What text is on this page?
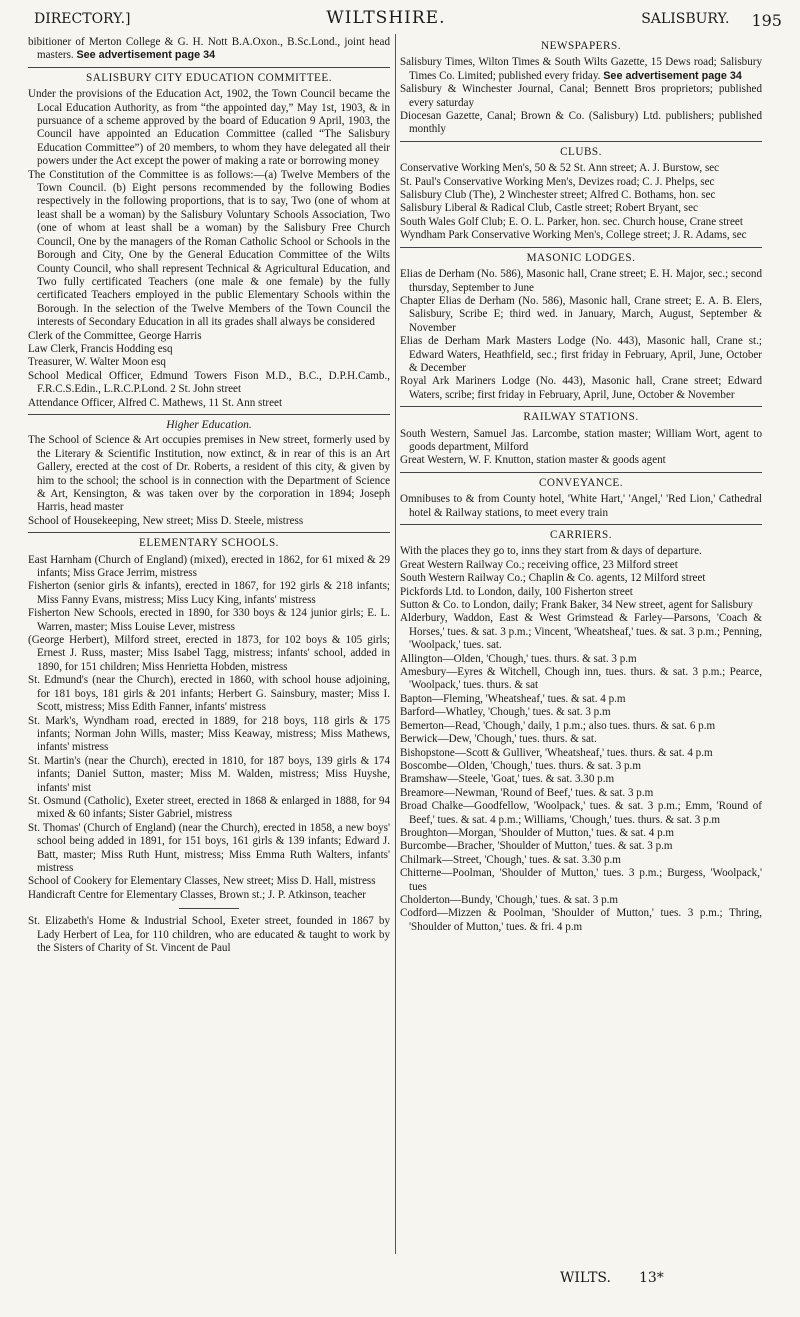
DIRECTORY.]	WILTSHIRE.	SALISBURY. 195
bibitioner of Merton College & G. H. Nott B.A.Oxon., B.Sc.Lond., joint head masters. See advertisement page 34
SALISBURY CITY EDUCATION COMMITTEE.
Under the provisions of the Education Act, 1902, the Town Council became the Local Education Authority, as from “the appointed day,” May 1st, 1903, & in pursuance of a scheme approved by the board of Education 9 April, 1903, the Council have appointed an Education Committee (called “The Salisbury Education Committee”) of 20 members, to whom they have delegated all their powers under the Act except the power of making a rate or borrowing money
The Constitution of the Committee is as follows:—(a) Twelve Members of the Town Council. (b) Eight persons recommended by the following Bodies respectively in the following proportions, that is to say, Two (one of whom at least shall be a woman) by the Salisbury Voluntary Schools Association, Two (one of whom at least shall be a woman) by the Salisbury Free Church Council, One by the managers of the Roman Catholic School or Schools in the Borough and City, One by the General Education Committee of the Wilts County Council, who shall represent Technical & Agricultural Education, and Two fully certificated Teachers (one male & one female) by the fully certificated Teachers employed in the public Elementary Schools within the Borough. In the selection of the Twelve Members of the Town Council the interests of Secondary Education in all its grades shall always be considered
Clerk of the Committee, George Harris
Law Clerk, Francis Hodding esq
Treasurer, W. Walter Moon esq
School Medical Officer, Edmund Towers Fison M.D., B.C., D.P.H.Camb., F.R.C.S.Edin., L.R.C.P.Lond. 2 St. John street
Attendance Officer, Alfred C. Mathews, 11 St. Ann street
Higher Education.
The School of Science & Art occupies premises in New street, formerly used by the Literary & Scientific Institution, now extinct, & in rear of this is an Art Gallery, erected at the cost of Dr. Roberts, a resident of this city, & given by him to the school; the school is in connection with the Department of Science & Art, Kensington, & was taken over by the corporation in 1894; Joseph Harris, head master
School of Housekeeping, New street; Miss D. Steele, mistress
ELEMENTARY SCHOOLS.
East Harnham (Church of England) (mixed), erected in 1862, for 61 mixed & 29 infants; Miss Grace Jerrim, mistress
Fisherton (senior girls & infants), erected in 1867, for 192 girls & 218 infants; Miss Fanny Evans, mistress; Miss Lucy King, infants' mistress
Fisherton New Schools, erected in 1890, for 330 boys & 124 junior girls; E. L. Warren, master; Miss Louise Lever, mistress
(George Herbert), Milford street, erected in 1873, for 102 boys & 105 girls; Ernest J. Russ, master; Miss Isabel Tagg, mistress; infants' school, added in 1890, for 151 children; Miss Henrietta Hobden, mistress
St. Edmund's (near the Church), erected in 1860, with school house adjoining, for 181 boys, 181 girls & 201 infants; Herbert G. Sainsbury, master; Miss I. Scott, mistress; Miss Edith Fanner, infants' mistress
St. Mark's, Wyndham road, erected in 1889, for 218 boys, 118 girls & 175 infants; Norman John Wills, master; Miss Keaway, mistress; Miss Mathews, infants' mistress
St. Martin's (near the Church), erected in 1810, for 187 boys, 139 girls & 174 infants; Daniel Sutton, master; Miss M. Walden, mistress; Miss Huyshe, infants' mist
St. Osmund (Catholic), Exeter street, erected in 1868 & enlarged in 1888, for 94 mixed & 60 infants; Sister Gabriel, mistress
St. Thomas' (Church of England) (near the Church), erected in 1858, a new boys' school being added in 1891, for 151 boys, 161 girls & 139 infants; Edward J. Batt, master; Miss Ruth Hunt, mistress; Miss Emma Ruth Walters, infants' mistress
School of Cookery for Elementary Classes, New street; Miss D. Hall, mistress
Handicraft Centre for Elementary Classes, Brown st.; J. P. Atkinson, teacher
St. Elizabeth's Home & Industrial School, Exeter street, founded in 1867 by Lady Herbert of Lea, for 110 children, who are educated & taught to work by the Sisters of Charity of St. Vincent de Paul
NEWSPAPERS.
Salisbury Times, Wilton Times & South Wilts Gazette, 15 Dews road; Salisbury Times Co. Limited; published every friday. See advertisement page 34
Salisbury & Winchester Journal, Canal; Bennett Bros proprietors; published every saturday
Diocesan Gazette, Canal; Brown & Co. (Salisbury) Ltd. publishers; published monthly
CLUBS.
Conservative Working Men's, 50 & 52 St. Ann street; A. J. Burstow, sec
St. Paul's Conservative Working Men's, Devizes road; C. J. Phelps, sec
Salisbury Club (The), 2 Winchester street; Alfred C. Bothams, hon. sec
Salisbury Liberal & Radical Club, Castle street; Robert Bryant, sec
South Wales Golf Club; E. O. L. Parker, hon. sec. Church house, Crane street
Wyndham Park Conservative Working Men's, College street; J. R. Adams, sec
MASONIC LODGES.
Elias de Derham (No. 586), Masonic hall, Crane street; E. H. Major, sec.; second thursday, September to June
Chapter Elias de Derham (No. 586), Masonic hall, Crane street; E. A. B. Elers, Salisbury, Scribe E; third wed. in January, March, August, September & November
Elias de Derham Mark Masters Lodge (No. 443), Masonic hall, Crane st.; Edward Waters, Heathfield, sec.; first friday in February, April, June, October & December
Royal Ark Mariners Lodge (No. 443), Masonic hall, Crane street; Edward Waters, scribe; first friday in February, April, June, October & November
RAILWAY STATIONS.
South Western, Samuel Jas. Larcombe, station master; William Wort, agent to goods department, Milford
Great Western, W. F. Knutton, station master & goods agent
CONVEYANCE.
Omnibuses to & from County hotel, 'White Hart,' 'Angel,' 'Red Lion,' Cathedral hotel & Railway stations, to meet every train
CARRIERS.
With the places they go to, inns they start from & days of departure.
Great Western Railway Co.; receiving office, 23 Milford street
South Western Railway Co.; Chaplin & Co. agents, 12 Milford street
Pickfords Ltd. to London, daily, 100 Fisherton street
Sutton & Co. to London, daily; Frank Baker, 34 New street, agent for Salisbury
Alderbury, Waddon, East & West Grimstead & Farley—Parsons, 'Coach & Horses,' tues. & sat. 3 p.m.; Vincent, 'Wheatsheaf,' tues. & sat. 3 p.m.; Penning, 'Woolpack,' tues. sat.
Allington—Olden, 'Chough,' tues. thurs. & sat. 3 p.m
Amesbury—Eyres & Witchell, Chough inn, tues. thurs. & sat. 3 p.m.; Pearce, 'Woolpack,' tues. thurs. & sat
Bapton—Fleming, 'Wheatsheaf,' tues. & sat. 4 p.m
Barford—Whatley, 'Chough,' tues. & sat. 3 p.m
Bemerton—Read, 'Chough,' daily, 1 p.m.; also tues. thurs. & sat. 6 p.m
Berwick—Dew, 'Chough,' tues. thurs. & sat.
Bishopstone—Scott & Gulliver, 'Wheatsheaf,' tues. thurs. & sat. 4 p.m
Boscombe—Olden, 'Chough,' tues. thurs. & sat. 3 p.m
Bramshaw—Steele, 'Goat,' tues. & sat. 3.30 p.m
Breamore—Newman, 'Round of Beef,' tues. & sat. 3 p.m
Broad Chalke—Goodfellow, 'Woolpack,' tues. & sat. 3 p.m.; Emm, 'Round of Beef,' tues. & sat. 4 p.m.; Williams, 'Chough,' tues. thurs. & sat. 3 p.m
Broughton—Morgan, 'Shoulder of Mutton,' tues. & sat. 4 p.m
Burcombe—Bracher, 'Shoulder of Mutton,' tues. & sat. 3 p.m
Chilmark—Street, 'Chough,' tues. & sat. 3.30 p.m
Chitterne—Poolman, 'Shoulder of Mutton,' tues. 3 p.m.; Burgess, 'Woolpack,' tues
Cholderton—Bundy, 'Chough,' tues. & sat. 3 p.m
Codford—Mizzen & Poolman, 'Shoulder of Mutton,' tues. 3 p.m.; Thring, 'Shoulder of Mutton,' tues. & fri. 4 p.m
WILTS. 13*
